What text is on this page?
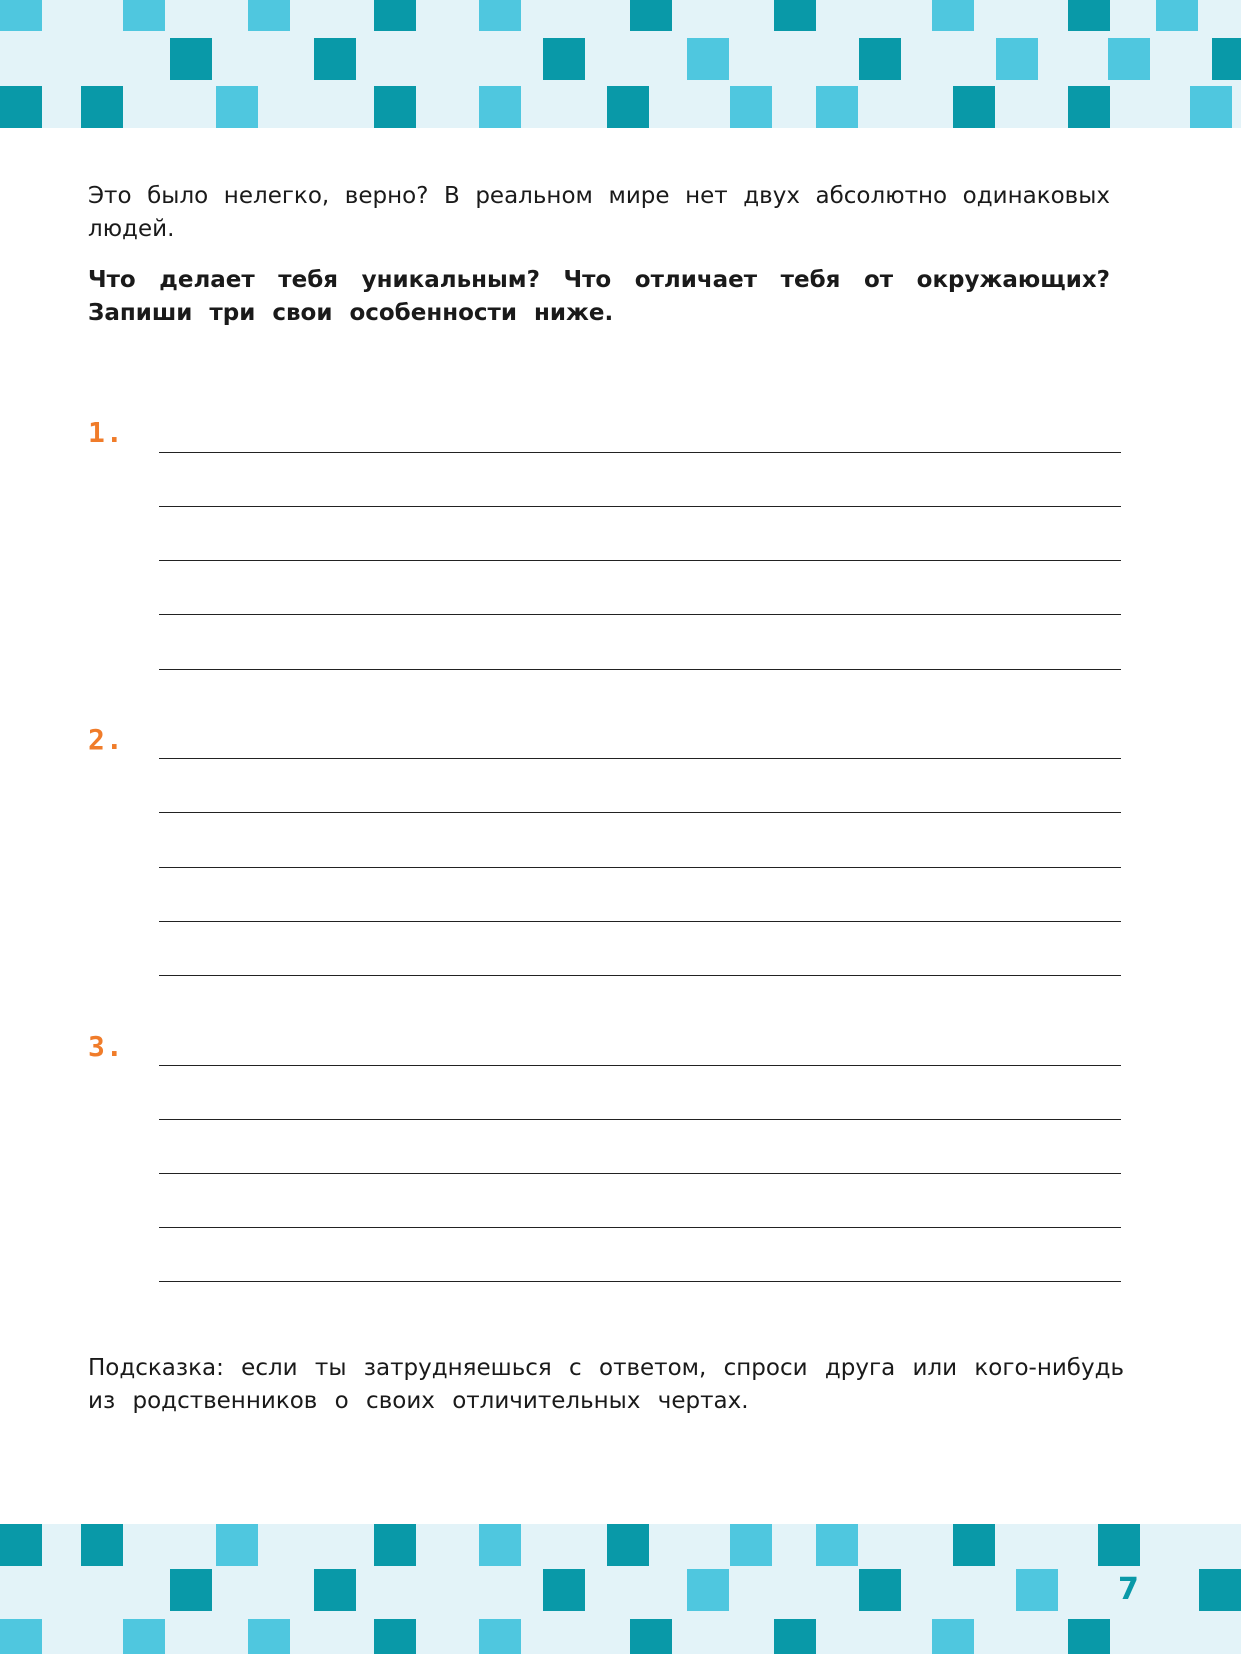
Это было нелегко, верно? В реальном мире нет двух абсолютно одинаковых людей.

Что делает тебя уникальным? Что отличает тебя от окружающих? Запиши три свои особенности ниже.

1.
2.
3.

Подсказка: если ты затрудняешься с ответом, спроси друга или кого-нибудь из родственников о своих отличительных чертах.

7
